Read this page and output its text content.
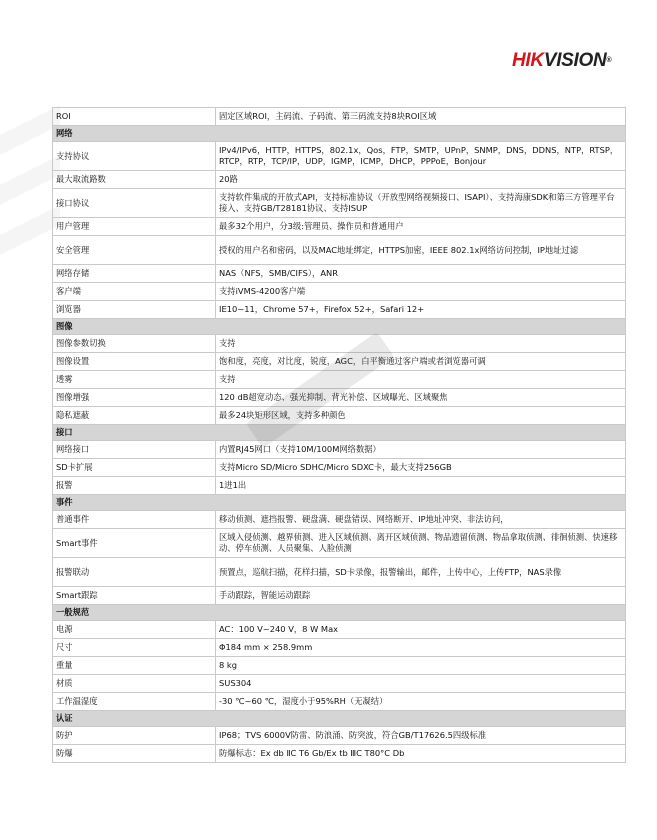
HIKVISION®
ROI	固定区域ROI，主码流、子码流、第三码流支持8块ROI区域
网络	
支持协议	IPv4/IPv6，HTTP，HTTPS，802.1x，Qos，FTP，SMTP，UPnP，SNMP，DNS，DDNS，NTP，RTSP，RTCP，RTP，TCP/IP，UDP，IGMP，ICMP，DHCP，PPPoE，Bonjour
最大取流路数	20路
接口协议	支持软件集成的开放式API，支持标准协议（开放型网络视频接口、ISAPI）、支持海康SDK和第三方管理平台接入、支持GB/T28181协议、支持ISUP
用户管理	最多32个用户，分3级:管理员、操作员和普通用户
安全管理	授权的用户名和密码，以及MAC地址绑定，HTTPS加密，IEEE 802.1x网络访问控制，IP地址过滤
网络存储	NAS（NFS，SMB/CIFS），ANR
客户端	支持iVMS-4200客户端
浏览器	IE10~11，Chrome 57+，Firefox 52+，Safari 12+
图像	
图像参数切换	支持
图像设置	饱和度，亮度，对比度，锐度，AGC，白平衡通过客户端或者浏览器可调
透雾	支持
图像增强	120 dB超宽动态、强光抑制、背光补偿、区域曝光、区域聚焦
隐私遮蔽	最多24块矩形区域，支持多种颜色
接口	
网络接口	内置RJ45网口（支持10M/100M网络数据）
SD卡扩展	支持Micro SD/Micro SDHC/Micro SDXC卡，最大支持256GB
报警	1进1出
事件	
普通事件	移动侦测、遮挡报警、硬盘满、硬盘错误、网络断开、IP地址冲突、非法访问，
Smart事件	区域入侵侦测、越界侦测、进入区域侦测、离开区域侦测、物品遗留侦测、物品拿取侦测、徘徊侦测、快速移动、停车侦测、人员聚集、人脸侦测
报警联动	预置点，巡航扫描，花样扫描，SD卡录像，报警输出，邮件，上传中心，上传FTP，NAS录像
Smart跟踪	手动跟踪，智能运动跟踪
一般规范	
电源	AC：100 V~240 V，8 W Max
尺寸	Φ184 mm × 258.9mm
重量	8 kg
材质	SUS304
工作温湿度	-30 ℃~60 ℃，湿度小于95%RH（无凝结）
认证	
防护	IP68；TVS 6000V防雷、防浪涌、防突波，符合GB/T17626.5四级标准
防爆	防爆标志：Ex db ⅡC T6 Gb/Ex tb ⅢC T80°C Db
